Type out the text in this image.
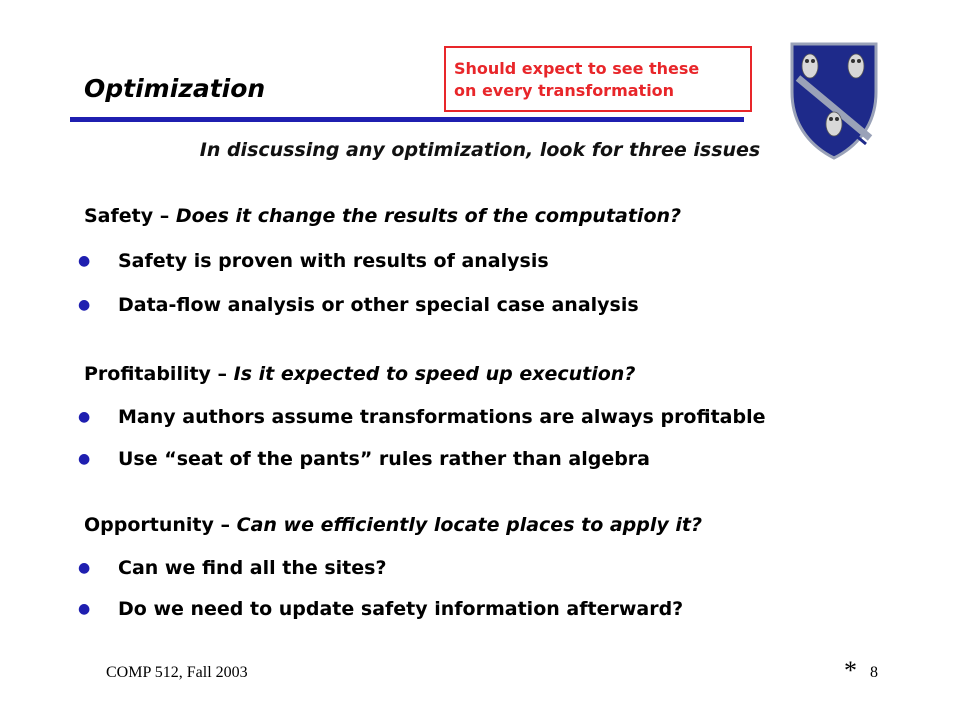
Optimization
Should expect to see these
on every transformation
In discussing any optimization, look for three issues
Safety – Does it change the results of the computation?
● Safety is proven with results of analysis
● Data-flow analysis or other special case analysis
Profitability – Is it expected to speed up execution?
● Many authors assume transformations are always profitable
● Use “seat of the pants” rules rather than algebra
Opportunity – Can we efficiently locate places to apply it?
● Can we find all the sites?
● Do we need to update safety information afterward?
COMP 512, Fall 2003	* 8
